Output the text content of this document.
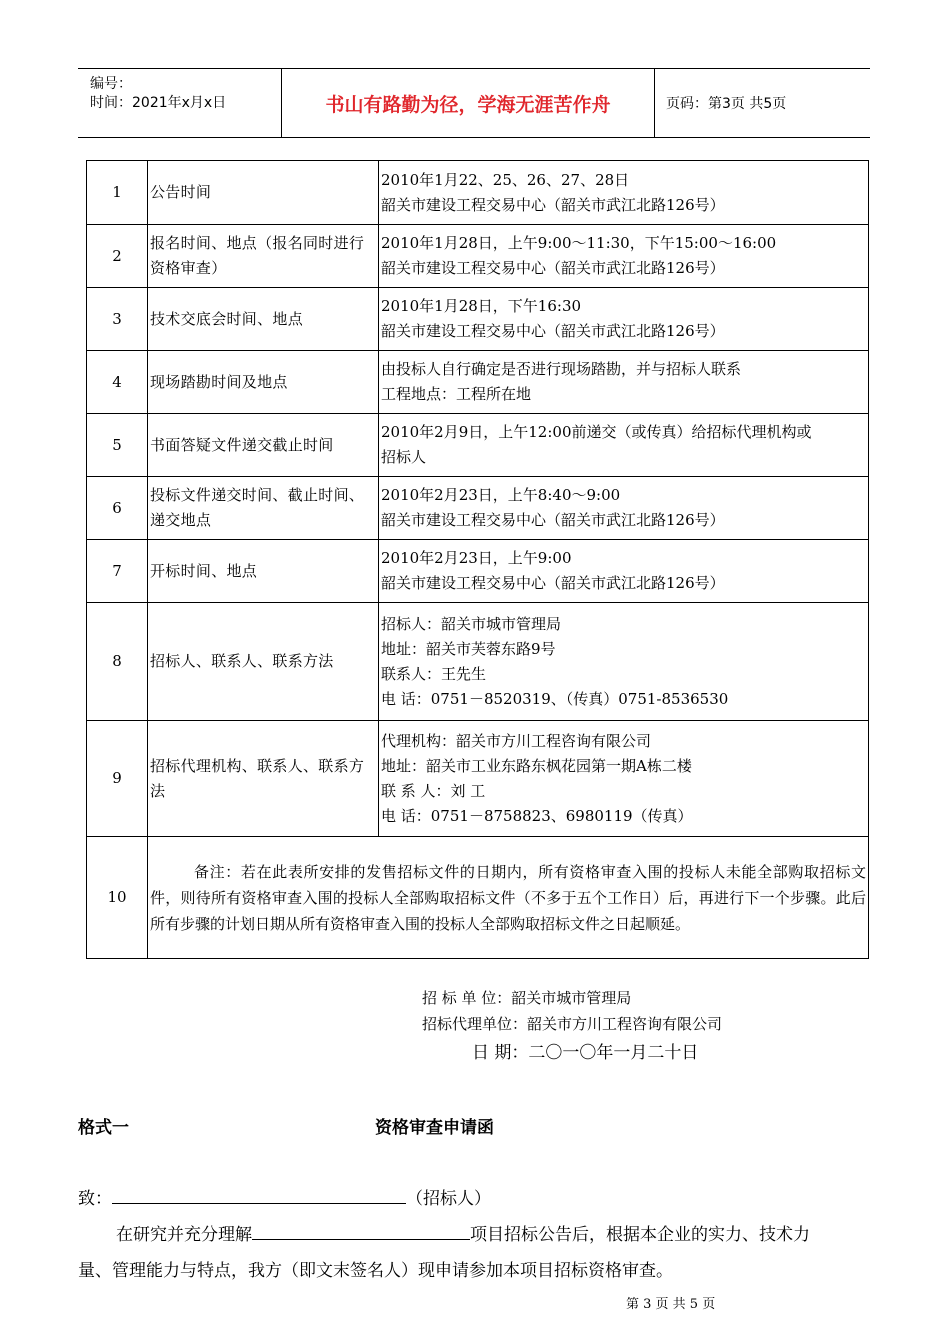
编号：
时间：2021年x月x日	书山有路勤为径，学海无涯苦作舟	页码：第3页 共5页
1	公告时间	2010年1月22、25、26、27、28日
韶关市建设工程交易中心（韶关市武江北路126号）

2	报名时间、地点（报名同时进行资格审查）	2010年1月28日，上午9:00～11:30，下午15:00～16:00
韶关市建设工程交易中心（韶关市武江北路126号）

3	技术交底会时间、地点	2010年1月28日，下午16:30
韶关市建设工程交易中心（韶关市武江北路126号）

4	现场踏勘时间及地点	由投标人自行确定是否进行现场踏勘，并与招标人联系
工程地点：工程所在地

5	书面答疑文件递交截止时间	2010年2月9日，上午12:00前递交（或传真）给招标代理机构或
招标人

6	投标文件递交时间、截止时间、递交地点	2010年2月23日，上午8:40～9:00
韶关市建设工程交易中心（韶关市武江北路126号）

7	开标时间、地点	2010年2月23日，上午9:00
韶关市建设工程交易中心（韶关市武江北路126号）

8	招标人、联系人、联系方法	招标人：韶关市城市管理局
地址：韶关市芙蓉东路9号
联系人：王先生
电 话：0751－8520319、（传真）0751-8536530

9	招标代理机构、联系人、联系方法	代理机构：韶关市方川工程咨询有限公司
地址：韶关市工业东路东枫花园第一期A栋二楼
联 系 人：刘 工
电 话：0751－8758823、6980119（传真）

10	备注：若在此表所安排的发售招标文件的日期内，所有资格审查入围的投标人未能全部购取招标文件，则待所有资格审查入围的投标人全部购取招标文件（不多于五个工作日）后，再进行下一个步骤。此后所有步骤的计划日期从所有资格审查入围的投标人全部购取招标文件之日起顺延。	

招 标 单 位：韶关市城市管理局
招标代理单位：韶关市方川工程咨询有限公司
日 期：二〇一〇年一月二十日
格式一	资格审查申请函
致：	（招标人）
在研究并充分理解	项目招标公告后，根据本企业的实力、技术力
量、管理能力与特点，我方（即文末签名人）现申请参加本项目招标资格审查。
第 3 页 共 5 页
